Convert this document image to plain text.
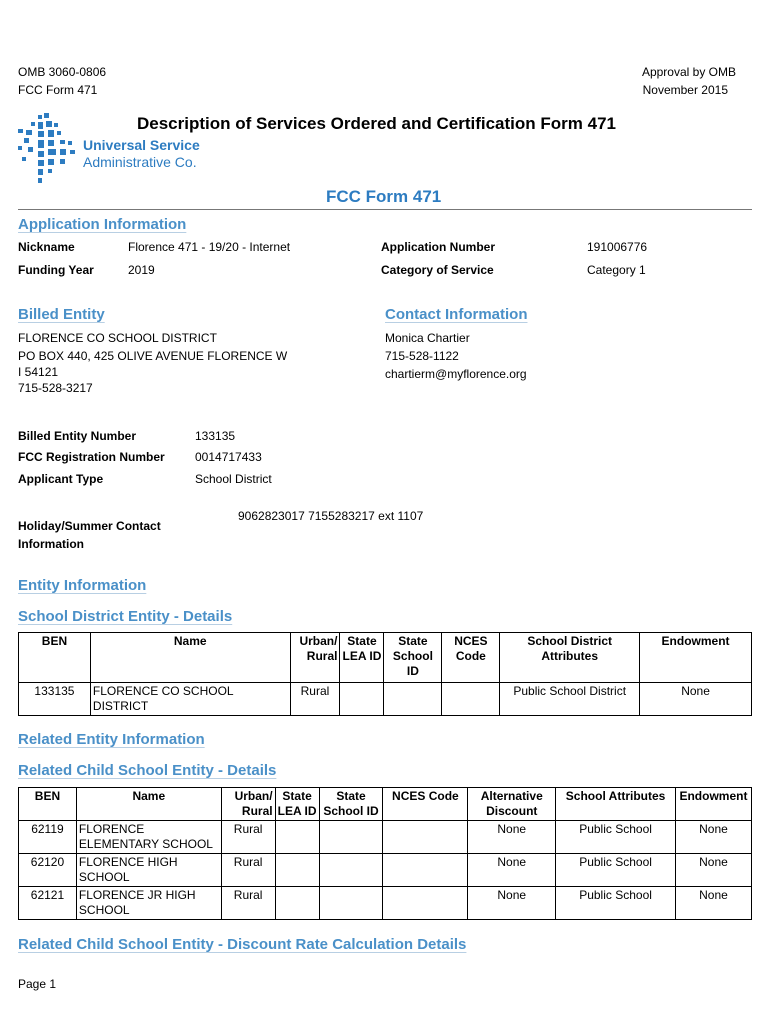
OMB 3060-0806
FCC Form 471
Approval by OMB
November 2015
Universal Service
Administrative Co.
Description of Services Ordered and Certification Form 471
FCC Form 471
Application Information
Nickname	Florence 471 - 19/20 - Internet	Application Number	191006776
Funding Year	2019	Category of Service	Category 1
Billed Entity
FLORENCE CO SCHOOL DISTRICT
PO BOX 440, 425 OLIVE AVENUE FLORENCE W
I 54121
715-528-3217
Contact Information
Monica Chartier
715-528-1122
chartierm@myflorence.org
Billed Entity Number	133135
FCC Registration Number	0014717433
Applicant Type	School District
Holiday/Summer Contact
Information
9062823017 7155283217 ext 1107
Entity Information
School District Entity - Details
BEN	Name	Urban/ Rural	State LEA ID	State School ID	NCES Code	School District Attributes	Endowment
133135	FLORENCE CO SCHOOL DISTRICT	Rural				Public School District	None
Related Entity Information
Related Child School Entity - Details
BEN	Name	Urban/ Rural	State LEA ID	State School ID	NCES Code	Alternative Discount	School Attributes	Endowment
62119	FLORENCE ELEMENTARY SCHOOL	Rural				None	Public School	None
62120	FLORENCE HIGH SCHOOL	Rural				None	Public School	None
62121	FLORENCE JR HIGH SCHOOL	Rural				None	Public School	None
Related Child School Entity - Discount Rate Calculation Details
Page 1
